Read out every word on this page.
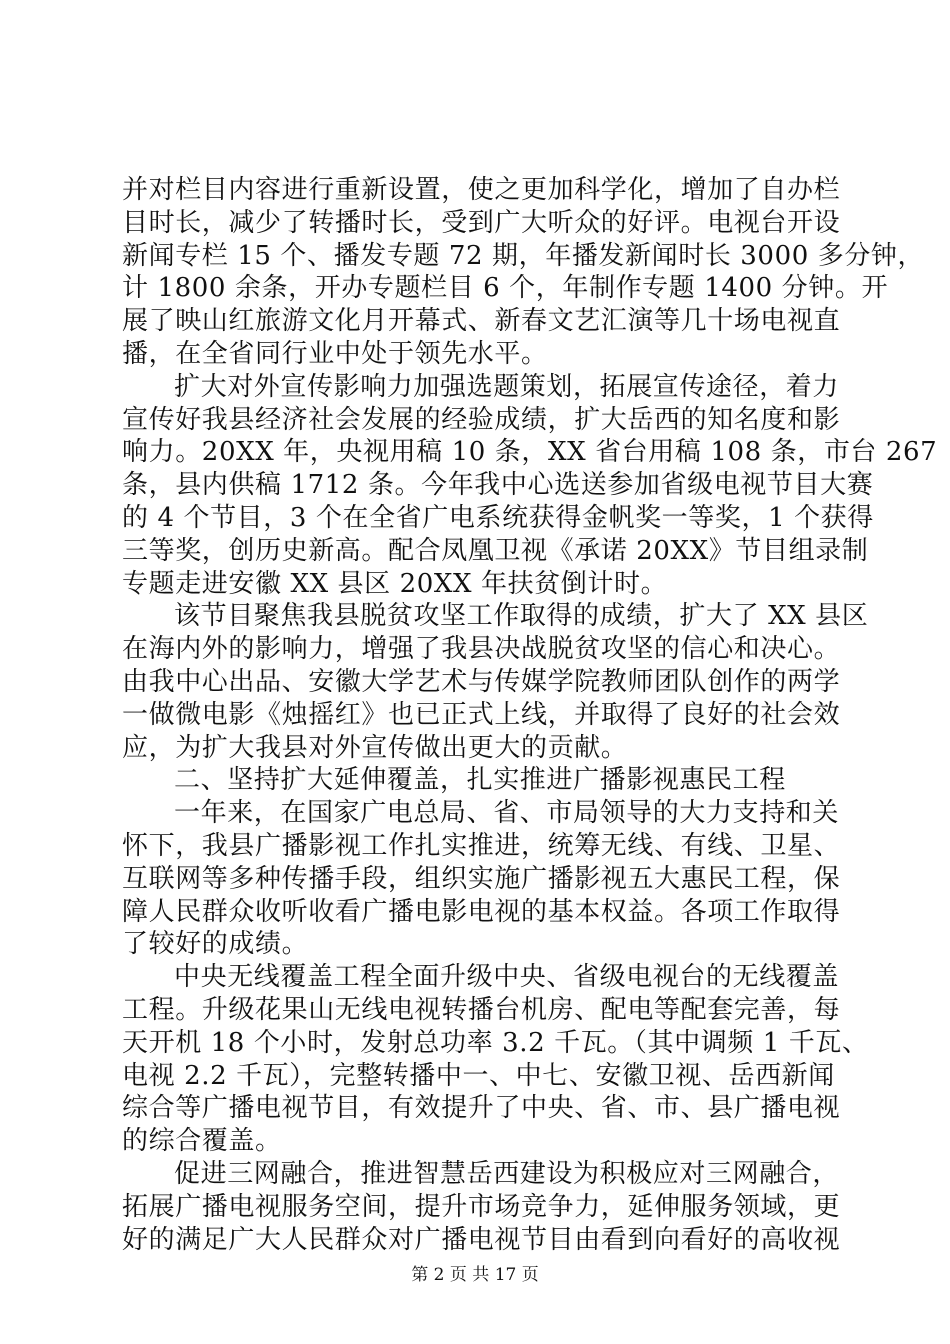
并对栏目内容进行重新设置，使之更加科学化，增加了自办栏
目时长，减少了转播时长，受到广大听众的好评。电视台开设
新闻专栏 15 个、播发专题 72 期，年播发新闻时长 3000 多分钟，
计 1800 余条，开办专题栏目 6 个，年制作专题 1400 分钟。开
展了映山红旅游文化月开幕式、新春文艺汇演等几十场电视直
播，在全省同行业中处于领先水平。
扩大对外宣传影响力加强选题策划，拓展宣传途径，着力
宣传好我县经济社会发展的经验成绩，扩大岳西的知名度和影
响力。20XX 年，央视用稿 10 条，XX 省台用稿 108 条，市台 267
条，县内供稿 1712 条。今年我中心选送参加省级电视节目大赛
的 4 个节目，3 个在全省广电系统获得金帆奖一等奖，1 个获得
三等奖，创历史新高。配合凤凰卫视《承诺 20XX》节目组录制
专题走进安徽 XX 县区 20XX 年扶贫倒计时。
该节目聚焦我县脱贫攻坚工作取得的成绩，扩大了 XX 县区
在海内外的影响力，增强了我县决战脱贫攻坚的信心和决心。
由我中心出品、安徽大学艺术与传媒学院教师团队创作的两学
一做微电影《烛摇红》也已正式上线，并取得了良好的社会效
应，为扩大我县对外宣传做出更大的贡献。
二、坚持扩大延伸覆盖，扎实推进广播影视惠民工程
一年来，在国家广电总局、省、市局领导的大力支持和关
怀下，我县广播影视工作扎实推进，统筹无线、有线、卫星、
互联网等多种传播手段，组织实施广播影视五大惠民工程，保
障人民群众收听收看广播电影电视的基本权益。各项工作取得
了较好的成绩。
中央无线覆盖工程全面升级中央、省级电视台的无线覆盖
工程。升级花果山无线电视转播台机房、配电等配套完善，每
天开机 18 个小时，发射总功率 3.2 千瓦。（其中调频 1 千瓦、
电视 2.2 千瓦），完整转播中一、中七、安徽卫视、岳西新闻
综合等广播电视节目，有效提升了中央、省、市、县广播电视
的综合覆盖。
促进三网融合，推进智慧岳西建设为积极应对三网融合，
拓展广播电视服务空间，提升市场竞争力，延伸服务领域，更
好的满足广大人民群众对广播电视节目由看到向看好的高收视
第 2 页 共 17 页
